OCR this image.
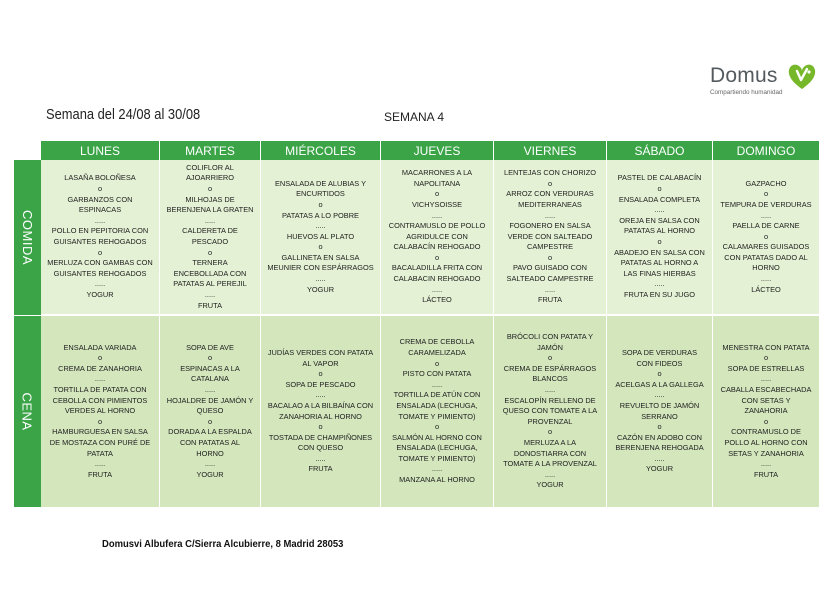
Domus
Compartiendo humanidad
Semana del 24/08 al 30/08	SEMANA 4
COMIDA
CENA
LUNES
LASAÑA BOLOÑESA
o
GARBANZOS CON ESPINACAS
.....
POLLO EN PEPITORIA CON GUISANTES REHOGADOS
o
MERLUZA CON GAMBAS CON GUISANTES REHOGADOS
.....
YOGUR
ENSALADA VARIADA
o
CREMA DE ZANAHORIA
.....
TORTILLA DE PATATA CON CEBOLLA CON PIMIENTOS VERDES AL HORNO
o
HAMBURGUESA EN SALSA DE MOSTAZA CON PURÉ DE PATATA
.....
FRUTA
MARTES
COLIFLOR AL AJOARRIERO
o
MILHOJAS DE BERENJENA LA GRATEN
.....
CALDERETA DE PESCADO
o
TERNERA ENCEBOLLADA CON PATATAS AL PEREJIL
.....
FRUTA
SOPA DE AVE
o
ESPINACAS A LA CATALANA
.....
HOJALDRE DE JAMÓN Y QUESO
o
DORADA A LA ESPALDA CON PATATAS AL HORNO
.....
YOGUR
MIÉRCOLES
ENSALADA DE ALUBIAS Y ENCURTIDOS
o
PATATAS A LO POBRE
.....
HUEVOS AL PLATO
o
GALLINETA EN SALSA MEUNIER CON ESPÁRRAGOS
.....
YOGUR
JUDÍAS VERDES CON PATATA AL VAPOR
o
SOPA DE PESCADO
.....
BACALAO A LA BILBAÍNA CON ZANAHORIA AL HORNO
o
TOSTADA DE CHAMPIÑONES CON QUESO
.....
FRUTA
JUEVES
MACARRONES A LA NAPOLITANA
o
VICHYSOISSE
.....
CONTRAMUSLO DE POLLO AGRIDULCE CON CALABACÍN REHOGADO
o
BACALADILLA FRITA CON CALABACIN REHOGADO
.....
LÁCTEO
CREMA DE CEBOLLA CARAMELIZADA
o
PISTO CON PATATA
.....
TORTILLA DE ATÚN CON ENSALADA (LECHUGA, TOMATE Y PIMIENTO)
o
SALMÓN AL HORNO CON ENSALADA (LECHUGA, TOMATE Y PIMIENTO)
.....
MANZANA AL HORNO
VIERNES
LENTEJAS CON CHORIZO
o
ARROZ CON VERDURAS MEDITERRANEAS
.....
FOGONERO EN SALSA VERDE CON SALTEADO CAMPESTRE
o
PAVO GUISADO CON SALTEADO CAMPESTRE
.....
FRUTA
BRÓCOLI CON PATATA Y JAMÓN
o
CREMA DE ESPÁRRAGOS BLANCOS
.....
ESCALOPÍN RELLENO DE QUESO CON TOMATE A LA PROVENZAL
o
MERLUZA A LA DONOSTIARRA CON TOMATE A LA PROVENZAL
.....
YOGUR
SÁBADO
PASTEL DE CALABACÍN
o
ENSALADA COMPLETA
.....
OREJA EN SALSA CON PATATAS AL HORNO
o
ABADEJO EN SALSA CON PATATAS AL HORNO A LAS FINAS HIERBAS
.....
FRUTA EN SU JUGO
SOPA DE VERDURAS CON FIDEOS
o
ACELGAS A LA GALLEGA
.....
REVUELTO DE JAMÓN SERRANO
o
CAZÓN EN ADOBO CON BERENJENA REHOGADA
.....
YOGUR
DOMINGO
GAZPACHO
o
TEMPURA DE VERDURAS
.....
PAELLA DE CARNE
o
CALAMARES GUISADOS CON PATATAS DADO AL HORNO
.....
LÁCTEO
MENESTRA CON PATATA
o
SOPA DE ESTRELLAS
.....
CABALLA ESCABECHADA CON SETAS Y ZANAHORIA
o
CONTRAMUSLO DE POLLO AL HORNO CON SETAS Y ZANAHORIA
.....
FRUTA
Domusvi Albufera C/Sierra Alcubierre, 8 Madrid 28053
